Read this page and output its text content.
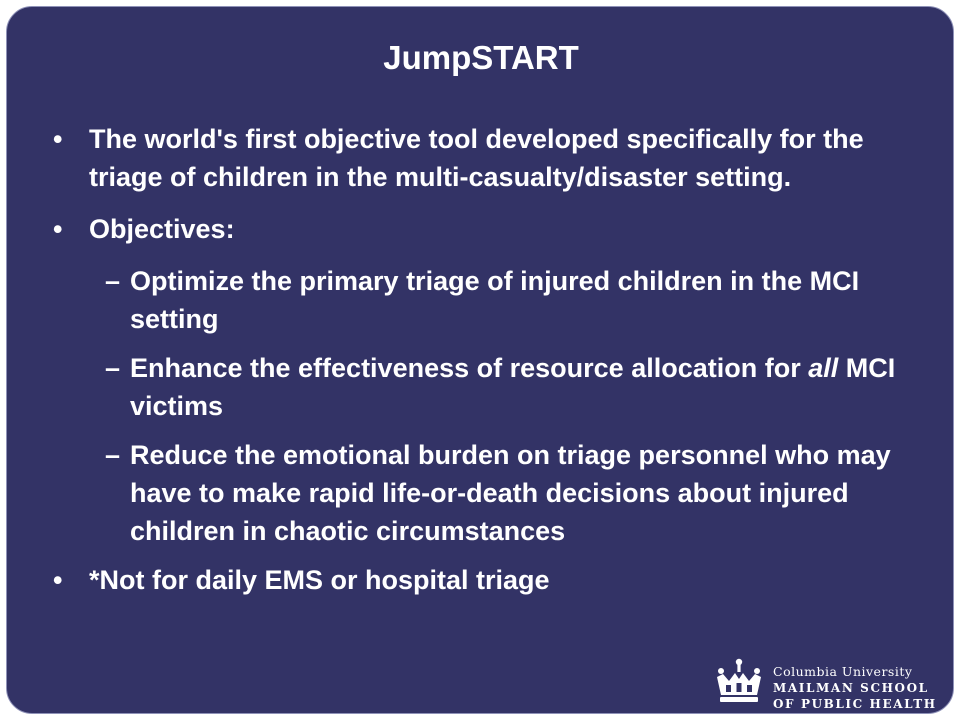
JumpSTART
• The world's first objective tool developed specifically for the triage of children in the multi-casualty/disaster setting.
• Objectives:
– Optimize the primary triage of injured children in the MCI setting
– Enhance the effectiveness of resource allocation for all MCI victims
– Reduce the emotional burden on triage personnel who may have to make rapid life-or-death decisions about injured children in chaotic circumstances
• *Not for daily EMS or hospital triage
Columbia University
MAILMAN SCHOOL
OF PUBLIC HEALTH
